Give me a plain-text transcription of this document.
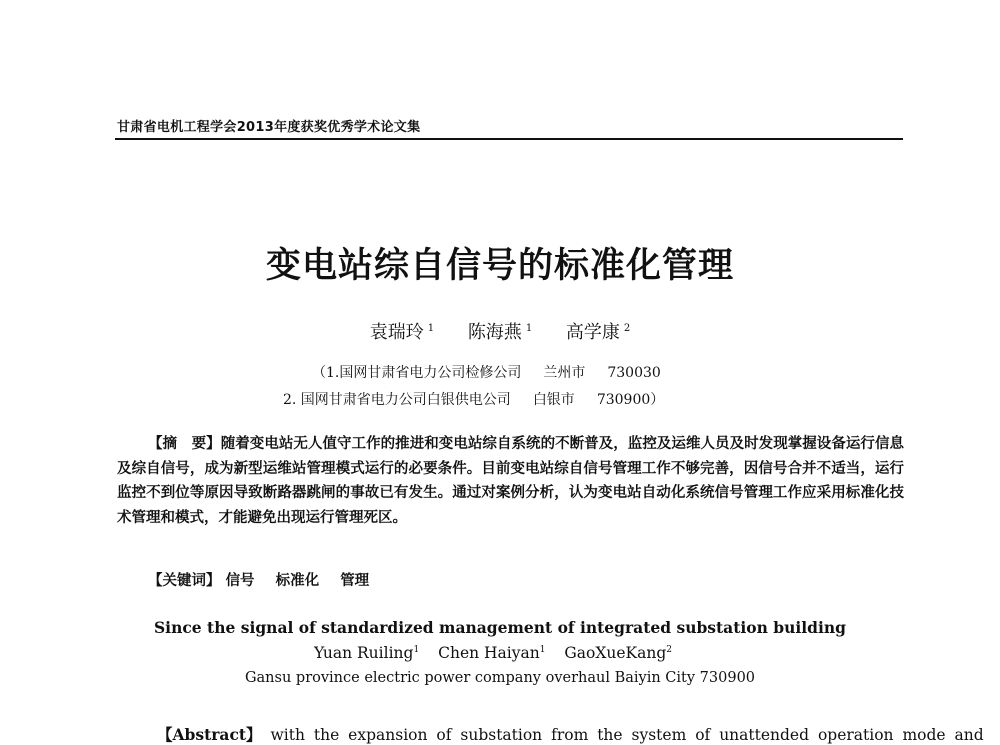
甘肃省电机工程学会2013年度获奖优秀学术论文集
变电站综自信号的标准化管理
袁瑞玲 $^1$ 陈海燕 $^1$ 高学康 $^2$
（1.国网甘肃省电力公司检修公司 兰州市 730030
2. 国网甘肃省电力公司白银供电公司 白银市 730900）
【摘　要】随着变电站无人值守工作的推进和变电站综自系统的不断普及，监控及运维人员及时发现掌握设备运行信息及综自信号，成为新型运维站管理模式运行的必要条件。目前变电站综自信号管理工作不够完善，因信号合并不适当，运行监控不到位等原因导致断路器跳闸的事故已有发生。通过对案例分析，认为变电站自动化系统信号管理工作应采用标准化技术管理和模式，才能避免出现运行管理死区。
【关键词】 信号 标准化 管理
Since the signal of standardized management of integrated substation building
Yuan Ruiling$^1$ Chen Haiyan$^1$ GaoXueKang$^2$
Gansu province electric power company overhaul Baiyin City 730900
【Abstract】 with the expansion of substation from the system of unattended operation mode and
